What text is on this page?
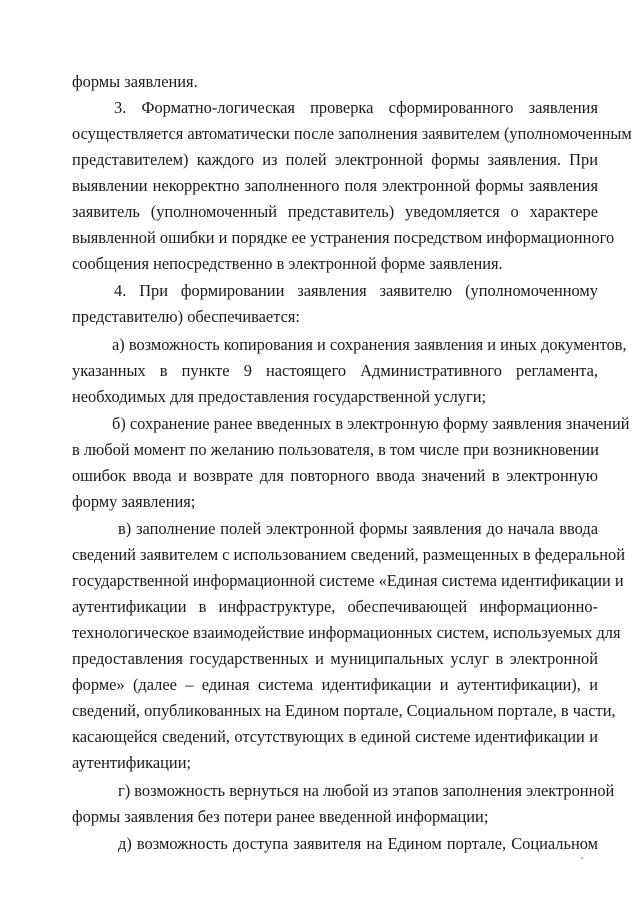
формы заявления.
3. Форматно-логическая проверка сформированного заявления
осуществляется автоматически после заполнения заявителем (уполномоченным
представителем) каждого из полей электронной формы заявления. При
выявлении некорректно заполненного поля электронной формы заявления
заявитель (уполномоченный представитель) уведомляется о характере
выявленной ошибки и порядке ее устранения посредством информационного
сообщения непосредственно в электронной форме заявления.
4. При формировании заявления заявителю (уполномоченному
представителю) обеспечивается:
а) возможность копирования и сохранения заявления и иных документов,
указанных в пункте 9 настоящего Административного регламента,
необходимых для предоставления государственной услуги;
б) сохранение ранее введенных в электронную форму заявления значений
в любой момент по желанию пользователя, в том числе при возникновении
ошибок ввода и возврате для повторного ввода значений в электронную
форму заявления;
в) заполнение полей электронной формы заявления до начала ввода
сведений заявителем с использованием сведений, размещенных в федеральной
государственной информационной системе «Единая система идентификации и
аутентификации в инфраструктуре, обеспечивающей информационно-
технологическое взаимодействие информационных систем, используемых для
предоставления государственных и муниципальных услуг в электронной
форме» (далее – единая система идентификации и аутентификации), и
сведений, опубликованных на Едином портале, Социальном портале, в части,
касающейся сведений, отсутствующих в единой системе идентификации и
аутентификации;
г) возможность вернуться на любой из этапов заполнения электронной
формы заявления без потери ранее введенной информации;
д) возможность доступа заявителя на Едином портале, Социальном
